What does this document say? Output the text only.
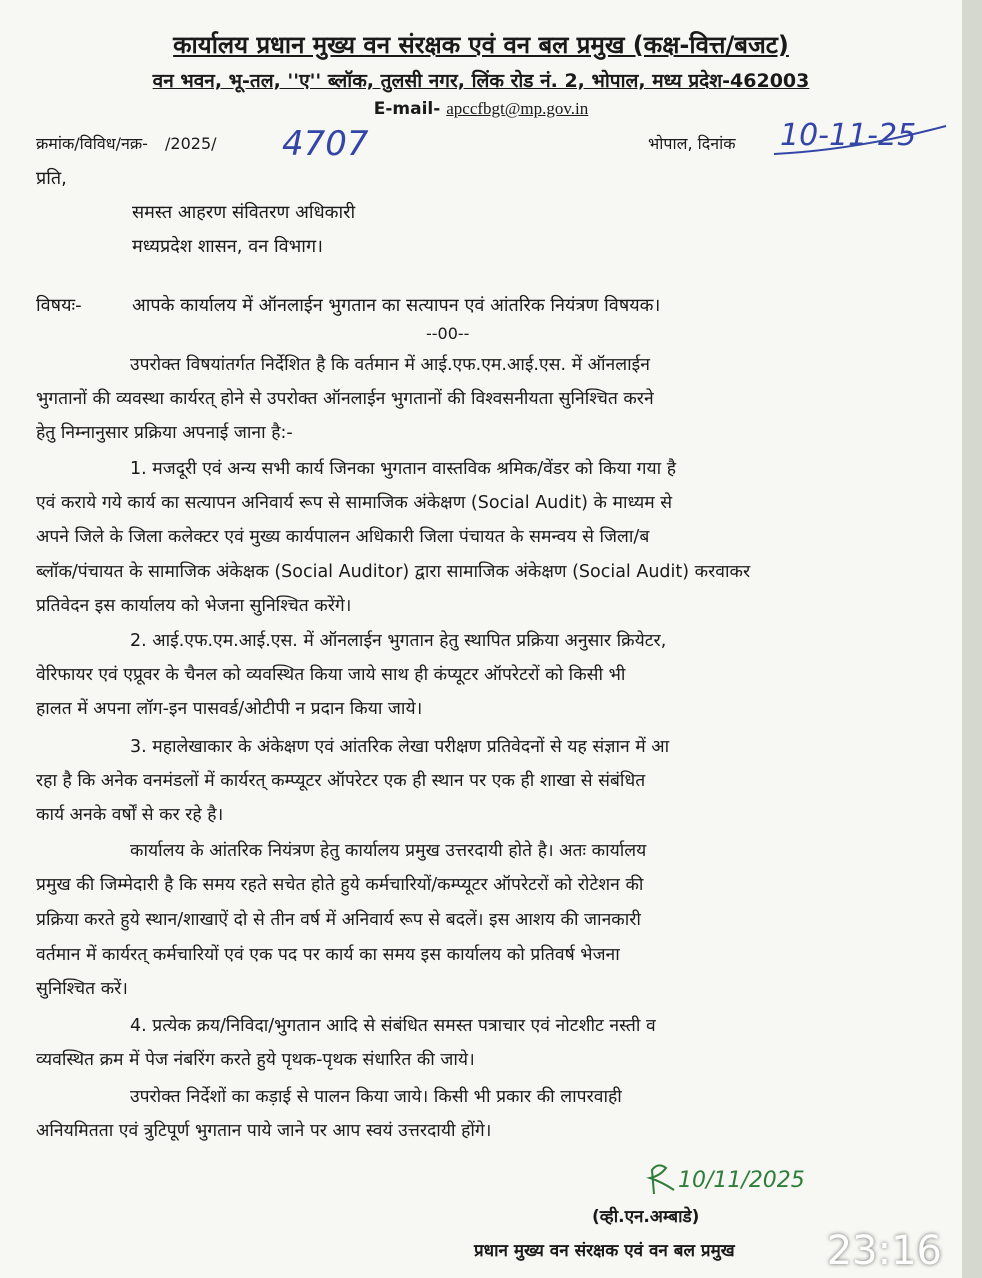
कार्यालय प्रधान मुख्य वन संरक्षक एवं वन बल प्रमुख (कक्ष-वित्त/बजट)
वन भवन, भू-तल, ''ए'' ब्लॉक, तुलसी नगर, लिंक रोड नं. 2, भोपाल, मध्य प्रदेश-462003
E-mail- apccfbgt@mp.gov.in
क्रमांक/विविध/नक्र- /2025/ 4707	भोपाल, दिनांक 10-11-25
प्रति,
समस्त आहरण संवितरण अधिकारी
मध्यप्रदेश शासन, वन विभाग।
विषयः-	आपके कार्यालय में ऑनलाईन भुगतान का सत्यापन एवं आंतरिक नियंत्रण विषयक।
--00--
उपरोक्त विषयांतर्गत निर्देशित है कि वर्तमान में आई.एफ.एम.आई.एस. में ऑनलाईन
भुगतानों की व्यवस्था कार्यरत् होने से उपरोक्त ऑनलाईन भुगतानों की विश्वसनीयता सुनिश्चित करने
हेतु निम्नानुसार प्रक्रिया अपनाई जाना है:-
1. मजदूरी एवं अन्य सभी कार्य जिनका भुगतान वास्तविक श्रमिक/वेंडर को किया गया है
एवं कराये गये कार्य का सत्यापन अनिवार्य रूप से सामाजिक अंकेक्षण (Social Audit) के माध्यम से
अपने जिले के जिला कलेक्टर एवं मुख्य कार्यपालन अधिकारी जिला पंचायत के समन्वय से जिला/ब
ब्लॉक/पंचायत के सामाजिक अंकेक्षक (Social Auditor) द्वारा सामाजिक अंकेक्षण (Social Audit) करवाकर
प्रतिवेदन इस कार्यालय को भेजना सुनिश्चित करेंगे।
2. आई.एफ.एम.आई.एस. में ऑनलाईन भुगतान हेतु स्थापित प्रक्रिया अनुसार क्रियेटर,
वेरिफायर एवं एप्रूवर के चैनल को व्यवस्थित किया जाये साथ ही कंप्यूटर ऑपरेटरों को किसी भी
हालत में अपना लॉग-इन पासवर्ड/ओटीपी न प्रदान किया जाये।
3. महालेखाकार के अंकेक्षण एवं आंतरिक लेखा परीक्षण प्रतिवेदनों से यह संज्ञान में आ
रहा है कि अनेक वनमंडलों में कार्यरत् कम्प्यूटर ऑपरेटर एक ही स्थान पर एक ही शाखा से संबंधित
कार्य अनके वर्षों से कर रहे है।
कार्यालय के आंतरिक नियंत्रण हेतु कार्यालय प्रमुख उत्तरदायी होते है। अतः कार्यालय
प्रमुख की जिम्मेदारी है कि समय रहते सचेत होते हुये कर्मचारियों/कम्प्यूटर ऑपरेटरों को रोटेशन की
प्रक्रिया करते हुये स्थान/शाखाऐं दो से तीन वर्ष में अनिवार्य रूप से बदलें। इस आशय की जानकारी
वर्तमान में कार्यरत् कर्मचारियों एवं एक पद पर कार्य का समय इस कार्यालय को प्रतिवर्ष भेजना
सुनिश्चित करें।
4. प्रत्येक क्रय/निविदा/भुगतान आदि से संबंधित समस्त पत्राचार एवं नोटशीट नस्ती व
व्यवस्थित क्रम में पेज नंबरिंग करते हुये पृथक-पृथक संधारित की जाये।
उपरोक्त निर्देशों का कड़ाई से पालन किया जाये। किसी भी प्रकार की लापरवाही
अनियमितता एवं त्रुटिपूर्ण भुगतान पाये जाने पर आप स्वयं उत्तरदायी होंगे।
10/11/2025
(व्ही.एन.अम्बाडे)
प्रधान मुख्य वन संरक्षक एवं वन बल प्रमुख 23:16
